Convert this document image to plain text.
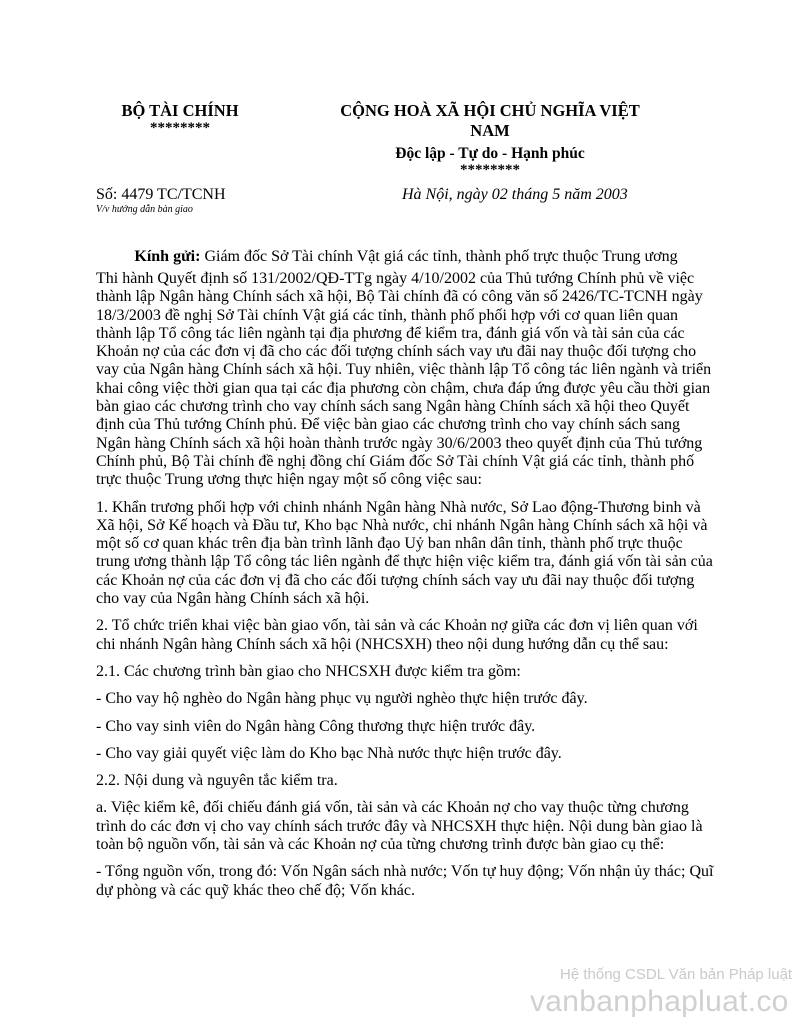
BỘ TÀI CHÍNH
********
CỘNG HOÀ XÃ HỘI CHỦ NGHĨA VIỆT NAM
Độc lập - Tự do - Hạnh phúc
********
Số: 4479 TC/TCNH
V/v hướng dẫn bàn giao
Hà Nội, ngày 02 tháng 5 năm 2003
Kính gửi: Giám đốc Sở Tài chính Vật giá các tỉnh, thành phố trực thuộc Trung ương

Thi hành Quyết định số 131/2002/QĐ-TTg ngày 4/10/2002 của Thủ tướng Chính phủ về việc thành lập Ngân hàng Chính sách xã hội, Bộ Tài chính đã có công văn số 2426/TC-TCNH ngày 18/3/2003 đề nghị Sở Tài chính Vật giá các tỉnh, thành phố phối hợp với cơ quan liên quan thành lập Tổ công tác liên ngành tại địa phương để kiểm tra, đánh giá vốn và tài sản của các Khoản nợ của các đơn vị đã cho các đối tượng chính sách vay ưu đãi nay thuộc đối tượng cho vay của Ngân hàng Chính sách xã hội. Tuy nhiên, việc thành lập Tổ công tác liên ngành và triển khai công việc thời gian qua tại các địa phương còn chậm, chưa đáp ứng được yêu cầu thời gian bàn giao các chương trình cho vay chính sách sang Ngân hàng Chính sách xã hội theo Quyết định của Thủ tướng Chính phủ. Để việc bàn giao các chương trình cho vay chính sách sang Ngân hàng Chính sách xã hội hoàn thành trước ngày 30/6/2003 theo quyết định của Thủ tướng Chính phủ, Bộ Tài chính đề nghị đồng chí Giám đốc Sở Tài chính Vật giá các tỉnh, thành phố trực thuộc Trung ương thực hiện ngay một số công việc sau:

1. Khẩn trương phối hợp với chinh nhánh Ngân hàng Nhà nước, Sở Lao động-Thương binh và Xã hội, Sở Kế hoạch và Đầu tư, Kho bạc Nhà nước, chi nhánh Ngân hàng Chính sách xã hội và một số cơ quan khác trên địa bàn trình lãnh đạo Uỷ ban nhân dân tỉnh, thành phố trực thuộc trung ương thành lập Tổ công tác liên ngành để thực hiện việc kiểm tra, đánh giá vốn tài sản của các Khoản nợ của các đơn vị đã cho các đối tượng chính sách vay ưu đãi nay thuộc đối tượng cho vay của Ngân hàng Chính sách xã hội.

2. Tổ chức triển khai việc bàn giao vốn, tài sản và các Khoản nợ giữa các đơn vị liên quan với chi nhánh Ngân hàng Chính sách xã hội (NHCSXH) theo nội dung hướng dẫn cụ thể sau:

2.1. Các chương trình bàn giao cho NHCSXH được kiểm tra gồm:

- Cho vay hộ nghèo do Ngân hàng phục vụ người nghèo thực hiện trước đây.

- Cho vay sinh viên do Ngân hàng Công thương thực hiện trước đây.

- Cho vay giải quyết việc làm do Kho bạc Nhà nước thực hiện trước đây.

2.2. Nội dung và nguyên tắc kiểm tra.

a. Việc kiểm kê, đối chiếu đánh giá vốn, tài sản và các Khoản nợ cho vay thuộc từng chương trình do các đơn vị cho vay chính sách trước đây và NHCSXH thực hiện. Nội dung bàn giao là toàn bộ nguồn vốn, tài sản và các Khoản nợ của từng chương trình được bàn giao cụ thể:

- Tổng nguồn vốn, trong đó: Vốn Ngân sách nhà nước; Vốn tự huy động; Vốn nhận ủy thác; Quĩ dự phòng và các quỹ khác theo chế độ; Vốn khác.

Hệ thống CSDL Văn bản Pháp luật
vanbanphapluat.co
